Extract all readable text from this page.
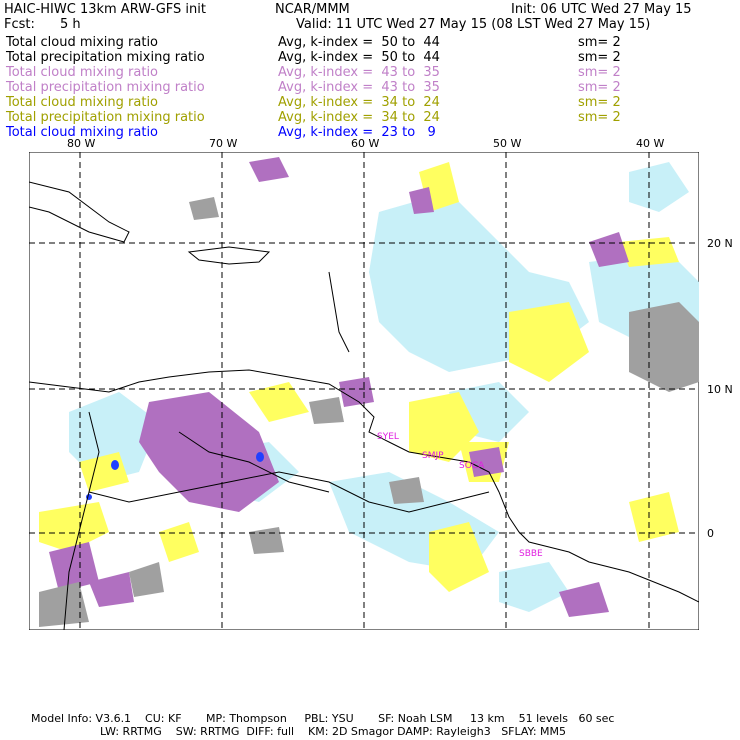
HAIC-HIWC 13km ARW-GFS init	NCAR/MMM	Init: 06 UTC Wed 27 May 15
Fcst: 5 h	Valid: 11 UTC Wed 27 May 15 (08 LST Wed 27 May 15)
Total cloud mixing ratio	Avg, k-index =  50 to  44	sm= 2
Total precipitation mixing ratio	Avg, k-index =  50 to  44	sm= 2
Total cloud mixing ratio	Avg, k-index =  43 to  35	sm= 2
Total precipitation mixing ratio	Avg, k-index =  43 to  35	sm= 2
Total cloud mixing ratio	Avg, k-index =  34 to  24	sm= 2
Total precipitation mixing ratio	Avg, k-index =  34 to  24	sm= 2
Total cloud mixing ratio	Avg, k-index =  23 to   9
80 W	70 W	60 W	50 W	40 W
20 N
10 N
0
SYEL
SMJP
SOCA
SBBE
Model Info: V3.6.1    CU: KF       MP: Thompson     PBL: YSU       SF: Noah LSM     13 km    51 levels   60 sec
LW: RRTMG    SW: RRTMG  DIFF: full    KM: 2D Smagor DAMP: Rayleigh3   SFLAY: MM5
